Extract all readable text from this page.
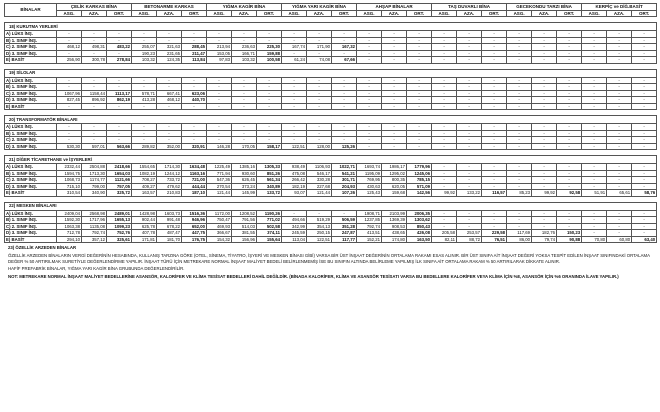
BİNALAR	ÇELİK KARKAS BİNA			BETONARME KARKAS			YIĞMA KAGİR BİNA			YIĞMA YARI KAGİR BİNA			AHŞAP BİNALAR			TAŞ DUVARLI BİNA			GECEKONDU TARZI BİNA			KERPİÇ ve DİĞ.BASİT		
	ASG.	AZA.	ORT.	ASG.	AZA.	ORT.	ASG.	AZA.	ORT.	ASG.	AZA.	ORT.	ASG.	AZA.	ORT.	ASG.	AZA.	ORT.	ASG.	AZA.	ORT.	ASG.	AZA.	ORT.

18) KURUTMA YERLERİ																								
A) LÜKS İNŞ.	-	-	-	-	-	-	-	-	-	-	-	-	-	-	-	-	-	-	-	-	-	-	-	-
B) 1. SINIF İNŞ.	-	-	-	-	-	-	-	-	-	-	-	-	-	-	-	-	-	-	-	-	-	-	-	-
C) 2. SINIF İNŞ.	468,12	498,31	483,22	255,07	321,63	288,45	213,94	236,63	225,30	167,74	171,90	167,32	-	-	-	-	-	-	-	-	-	-	-	-
D) 3. SINIF İNŞ.	-	-	-	190,23	231,65	211,47	153,05	166,71	159,88	-	-	-	-	-	-	-	-	-	-	-	-	-	-	-
E) BASİT	256,90	300,78	278,84	103,32	124,35	113,84	97,83	103,32	100,58	61,24	74,08	67,66	-	-	-	-	-	-	-	-	-	-	-	-

19) SİLOLAR																								
A) LÜKS İNŞ.	-	-	-	-	-	-	-	-	-	-	-	-	-	-	-	-	-	-	-	-	-	-	-	-
B) 1. SINIF İNŞ.	-	-	-	-	-	-	-	-	-	-	-	-	-	-	-	-	-	-	-	-	-	-	-	-
C) 2. SINIF İNŞ.	1067,96	1158,44	1113,17	578,71	667,41	623,06	-	-	-	-	-	-	-	-	-	-	-	-	-	-	-	-	-	-
D) 3. SINIF İNŞ.	827,45	896,92	862,19	413,28	468,12	440,70	-	-	-	-	-	-	-	-	-	-	-	-	-	-	-	-	-	-
E) BASİT	-	-	-	-	-	-	-	-	-	-	-	-	-	-	-	-	-	-	-	-	-	-	-	-

20) TRANSFORMATÖR BİNALARI																								
A) LÜKS İNŞ.	-	-	-	-	-	-	-	-	-	-	-	-	-	-	-	-	-	-	-	-	-	-	-	-
B) 1. SINIF İNŞ.	-	-	-	-	-	-	-	-	-	-	-	-	-	-	-	-	-	-	-	-	-	-	-	-
C) 2. SINIF İNŞ.	-	-	-	-	-	-	-	-	-	-	-	-	-	-	-	-	-	-	-	-	-	-	-	-
D) 3. SINIF İNŞ.	530,30	597,01	563,66	289,82	352,00	320,91	146,28	170,05	158,17	122,51	128,00	125,26	-	-	-	-	-	-	-	-	-	-	-	-

21) DİĞER TİCARETHANE ve İŞYERLERİ																								
A) LÜKS İNŞ.	2332,44	2504,88	2418,66	1554,65	1714,30	1634,48	1225,49	1385,16	1305,33	938,49	1106,93	1022,71	1693,74	1986,17	1779,96	-	-	-	-	-	-	-	-	-
B) 1. SINIF İNŞ.	1594,75	1713,30	1654,03	1082,19	1244,12	1163,16	771,94	930,60	851,26	475,08	546,17	541,21	1195,09	1295,02	1245,06	-	-	-	-	-	-	-	-	-
C) 2. SINIF İNŞ.	1068,73	1174,77	1121,66	708,27	733,72	721,00	547,36	626,45	561,34	266,42	330,28	301,71	769,95	800,35	785,15	-	-	-	-	-	-	-	-	-
D) 3. SINIF İNŞ.	715,10	799,00	757,05	409,27	479,62	444,44	270,54	373,24	340,89	182,19	227,68	204,93	430,63	620,05	571,09	-	-	-	-	-	-	-	-	-
E) BASİT	310,54	340,90	325,72	163,57	210,83	187,10	121,44	145,99	133,72	93,07	121,44	107,26	125,43	159,68	142,56	99,92	133,22	116,57	85,23	99,92	92,58	51,91	65,61	58,76

22) MESKEN BİNALARI																								
A) LÜKS İNŞ.	2409,04	2568,98	2489,01	1428,98	1603,73	1516,36	1172,00	1208,52	1190,26	-	-	-	1908,71	2103,99	2006,35	-	-	-	-	-	-	-	-	-
B) 1. SINIF İNŞ.	1592,30	1717,96	1655,13	902,44	991,48	946,96	750,47	791,56	771,02	494,66	519,29	506,59	1237,85	1369,39	1303,62	-	-	-	-	-	-	-	-	-
C) 2. SINIF İNŞ.	1063,38	1135,08	1099,23	625,78	678,22	652,00	469,93	514,03	502,58	342,99	354,13	351,28	792,74	908,53	850,43	-	-	-	-	-	-	-	-	-
D) 3. SINIF İNŞ.	712,78	792,74	752,76	407,78	487,47	447,75	366,67	381,55	374,11	245,59	250,15	247,87	413,51	438,65	426,08	205,58	253,57	229,58	117,69	182,76	150,23	-	-	-
E) BASİT	294,10	357,12	325,61	171,81	181,70	176,75	154,32	156,96	155,64	113,04	122,51	117,77	152,21	174,80	163,50	82,11	88,72	76,51	86,00	79,74	90,88	70,80	60,80	63,40
23) ÖZELLİK ARZEDEN BİNALAR

ÖZELLİK ARZEDEN BİNALARIN VERGİ DEĞERİNİN HESABINDA, KULLANIŞ TARZINA GÖRE (OTEL, SİNEMA, TİYATRO, İŞYERİ VE MESKEN BİNASI GİBİ) VARSA BİR ÜST İNŞAAT DEĞERİNİN ORTALAMA RAKAMI ESAS ALINIR. BİR ÜST SINIFA AİT İNŞAAT DEĞERİ YOKSA TESPİT EDİLEN İNŞAAT SINIFINDAKİ ORTALAMA DEĞER % 50 ARTIRILMAK SURETİYLE DEĞERLENDİRME YAPILIR. İNŞAAT TÜRÜ İÇİN METREKARE NORMAL İNŞAAT MALİYET BEDELİ BELİRLENMEMİŞ İSE BU SINIFIN ALTINDA BELİRLEME YAPILMIŞ İLK SINIFA AİT ORTALAMA RAKAM % 50 ARTIRILARAK DİKKATE ALINIR.

HAFİF PREFABRİK BİNALAR, YIĞMA YARI KAGİR BİNA GRUBUNDA DEĞERLENDİRİLİR.

NOT: METREKARE NORMAL İNŞAAT MALİYET BEDELLERİNE ASANSÖR, KALORİFER VE KLİMA TESİSAT BEDELLERİ DAHİL DEĞİLDİR. (BİNADA KALORİFER, KLİMA VE ASANSÖR TESİSATI VARSA BU BEDELLERE KALORİFER VEYA KLİMA İÇİN %8, ASANSÖR İÇİN %6 ORANINDA İLAVE YAPILIR.)
